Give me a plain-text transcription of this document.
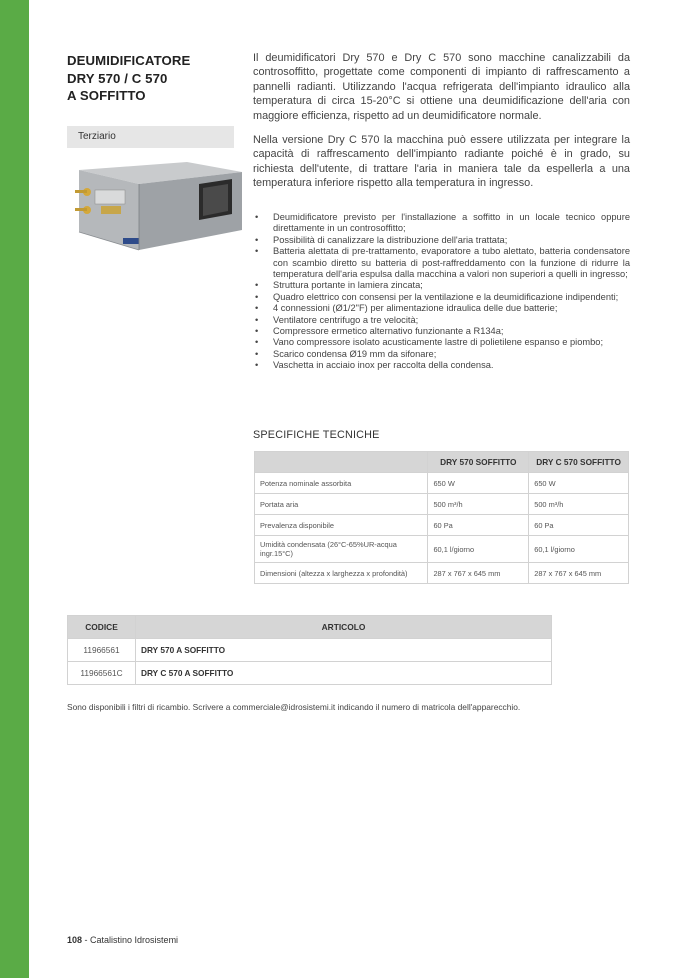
DEUMIDIFICATORE
DRY 570 / C 570
A SOFFITTO
Terziario

Il deumidificatori Dry 570 e Dry C 570 sono macchine canalizzabili da controsoffitto, progettate come componenti di impianto di raffrescamento a pannelli radianti. Utilizzando l'acqua refrigerata dell'impianto idraulico alla temperatura di circa 15-20°C si ottiene una deumidificazione dell'aria con maggiore efficienza, rispetto ad un deumidificatore normale.

Nella versione Dry C 570 la macchina può essere utilizzata per integrare la capacità di raffrescamento dell'impianto radiante poiché è in grado, su richiesta dell'utente, di trattare l'aria in maniera tale da espellerla a una temperatura inferiore rispetto alla temperatura in ingresso.

• Deumidificatore previsto per l'installazione a soffitto in un locale tecnico oppure direttamente in un controsoffitto;
• Possibilità di canalizzare la distribuzione dell'aria trattata;
• Batteria alettata di pre-trattamento, evaporatore a tubo alettato, batteria condensatore con scambio diretto su batteria di post-raffreddamento con la funzione di ridurre la temperatura dell'aria espulsa dalla macchina a valori non superiori a quelli in ingresso;
• Struttura portante in lamiera zincata;
• Quadro elettrico con consensi per la ventilazione e la deumidificazione indipendenti;
• 4 connessioni (Ø1/2"F) per alimentazione idraulica delle due batterie;
• Ventilatore centrifugo a tre velocità;
• Compressore ermetico alternativo funzionante a R134a;
• Vano compressore isolato acusticamente lastre di polietilene espanso e piombo;
• Scarico condensa Ø19 mm da sifonare;
• Vaschetta in acciaio inox per raccolta della condensa.
SPECIFICHE TECNICHE
	DRY 570 SOFFITTO	DRY C 570 SOFFITTO
Potenza nominale assorbita	650 W	650 W
Portata aria	500 m³/h	500 m³/h
Prevalenza disponibile	60 Pa	60 Pa
Umidità condensata (26°C-65%UR-acqua ingr.15°C)	60,1 l/giorno	60,1 l/giorno
Dimensioni (altezza x larghezza x profondità)	287 x 767 x 645 mm	287 x 767 x 645 mm
CODICE	ARTICOLO
11966561	DRY 570 A SOFFITTO
11966561C	DRY C 570 A SOFFITTO
Sono disponibili i filtri di ricambio. Scrivere a commerciale@idrosistemi.it indicando il numero di matricola dell'apparecchio.
108 - Catalistino Idrosistemi
